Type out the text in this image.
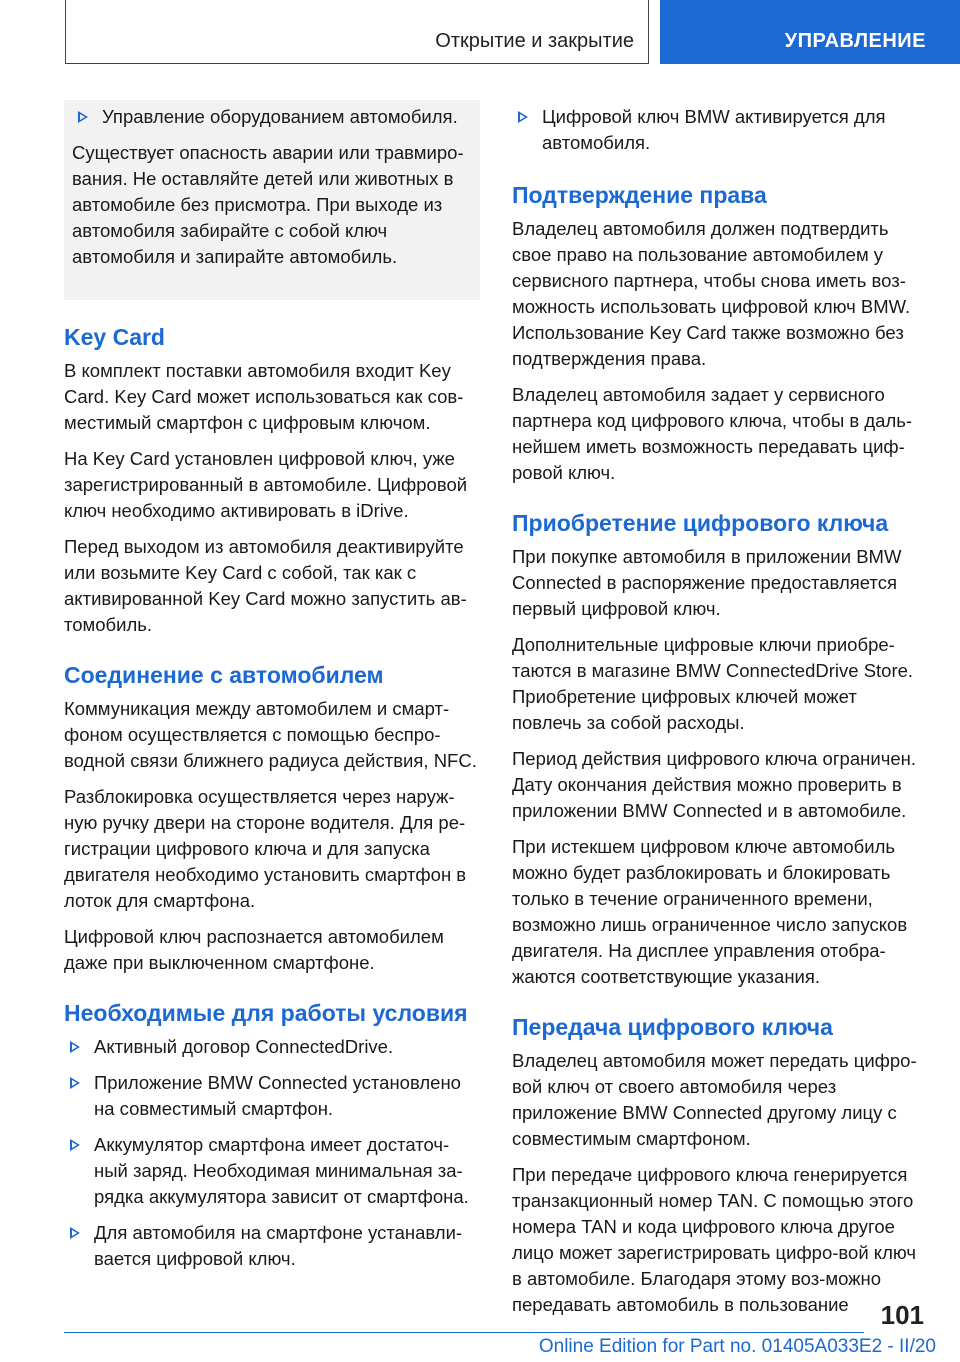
Открытие и закрытие	УПРАВЛЕНИЕ
Управление оборудованием автомобиля.

Существует опасность аварии или травмиро-вания. Не оставляйте детей или животных в автомобиле без присмотра. При выходе из автомобиля забирайте с собой ключ автомобиля и запирайте автомобиль.

Key Card

В комплект поставки автомобиля входит Key Card. Key Card может использоваться как сов-местимый смартфон с цифровым ключом.

На Key Card установлен цифровой ключ, уже зарегистрированный в автомобиле. Цифровой ключ необходимо активировать в iDrive.

Перед выходом из автомобиля деактивируйте или возьмите Key Card с собой, так как с активированной Key Card можно запустить ав-томобиль.

Соединение с автомобилем

Коммуникация между автомобилем и смарт-фоном осуществляется с помощью беспро-водной связи ближнего радиуса действия, NFC.

Разблокировка осуществляется через наруж-ную ручку двери на стороне водителя. Для ре-гистрации цифрового ключа и для запуска двигателя необходимо установить смартфон в лоток для смартфона.

Цифровой ключ распознается автомобилем даже при выключенном смартфоне.

Необходимые для работы условия
Активный договор ConnectedDrive.
Приложение BMW Connected установлено на совместимый смартфон.
Аккумулятор смартфона имеет достаточ-ный заряд. Необходимая минимальная за-рядка аккумулятора зависит от смартфона.
Для автомобиля на смартфоне устанавли-вается цифровой ключ.
Цифровой ключ BMW активируется для автомобиля.
Подтверждение права

Владелец автомобиля должен подтвердить свое право на пользование автомобилем у сервисного партнера, чтобы снова иметь воз-можность использовать цифровой ключ BMW. Использование Key Card также возможно без подтверждения права.

Владелец автомобиля задает у сервисного партнера код цифрового ключа, чтобы в даль-нейшем иметь возможность передавать циф-ровой ключ.

Приобретение цифрового ключа

При покупке автомобиля в приложении BMW Connected в распоряжение предоставляется первый цифровой ключ.

Дополнительные цифровые ключи приобре-таются в магазине BMW ConnectedDrive Store. Приобретение цифровых ключей может повлечь за собой расходы.

Период действия цифрового ключа ограничен. Дату окончания действия можно проверить в приложении BMW Connected и в автомобиле.

При истекшем цифровом ключе автомобиль можно будет разблокировать и блокировать только в течение ограниченного времени, возможно лишь ограниченное число запусков двигателя. На дисплее управления отобра-жаются соответствующие указания.

Передача цифрового ключа

Владелец автомобиля может передать цифро-вой ключ от своего автомобиля через приложение BMW Connected другому лицу с совместимым смартфоном.

При передаче цифрового ключа генерируется транзакционный номер TAN. С помощью этого номера TAN и кода цифрового ключа другое лицо может зарегистрировать цифро-вой ключ в автомобиле. Благодаря этому воз-можно передавать автомобиль в пользование	101
Online Edition for Part no. 01405A033E2 - II/20
